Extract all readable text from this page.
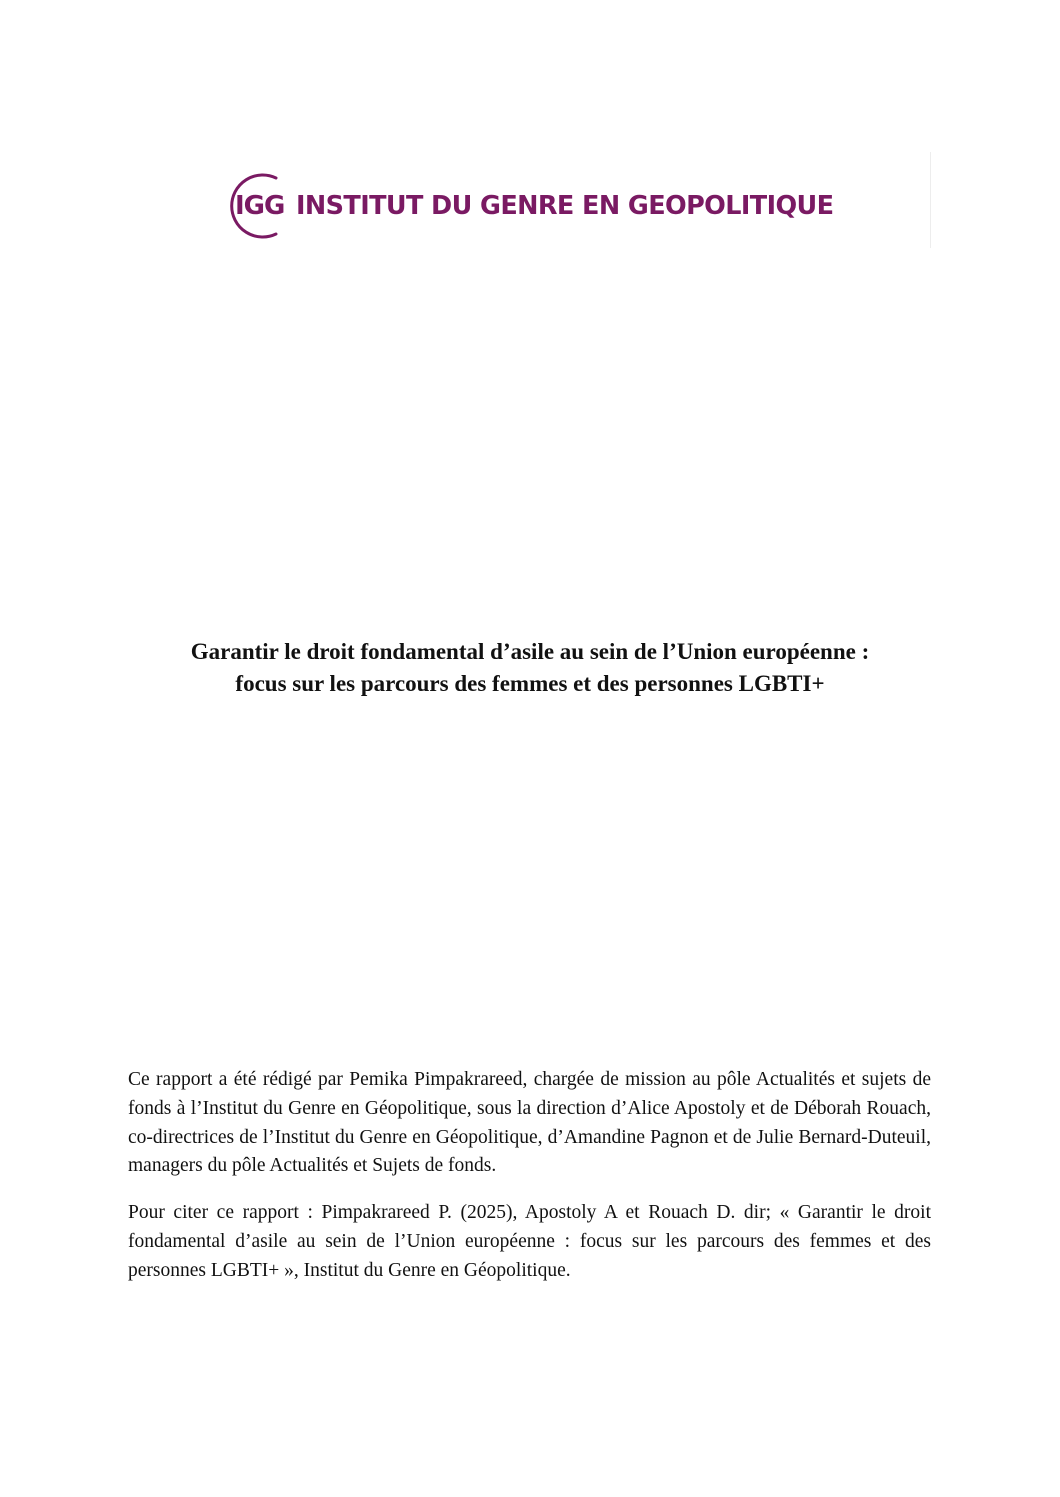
IGG INSTITUT DU GENRE EN GEOPOLITIQUE
Garantir le droit fondamental d’asile au sein de l’Union européenne :
focus sur les parcours des femmes et des personnes LGBTI+

Ce rapport a été rédigé par Pemika Pimpakrareed, chargée de mission au pôle Actualités et sujets de fonds à l’Institut du Genre en Géopolitique, sous la direction d’Alice Apostoly et de Déborah Rouach, co-directrices de l’Institut du Genre en Géopolitique, d’Amandine Pagnon et de Julie Bernard-Duteuil, managers du pôle Actualités et Sujets de fonds.

Pour citer ce rapport : Pimpakrareed P. (2025), Apostoly A et Rouach D. dir; « Garantir le droit fondamental d’asile au sein de l’Union européenne : focus sur les parcours des femmes et des personnes LGBTI+ », Institut du Genre en Géopolitique.
